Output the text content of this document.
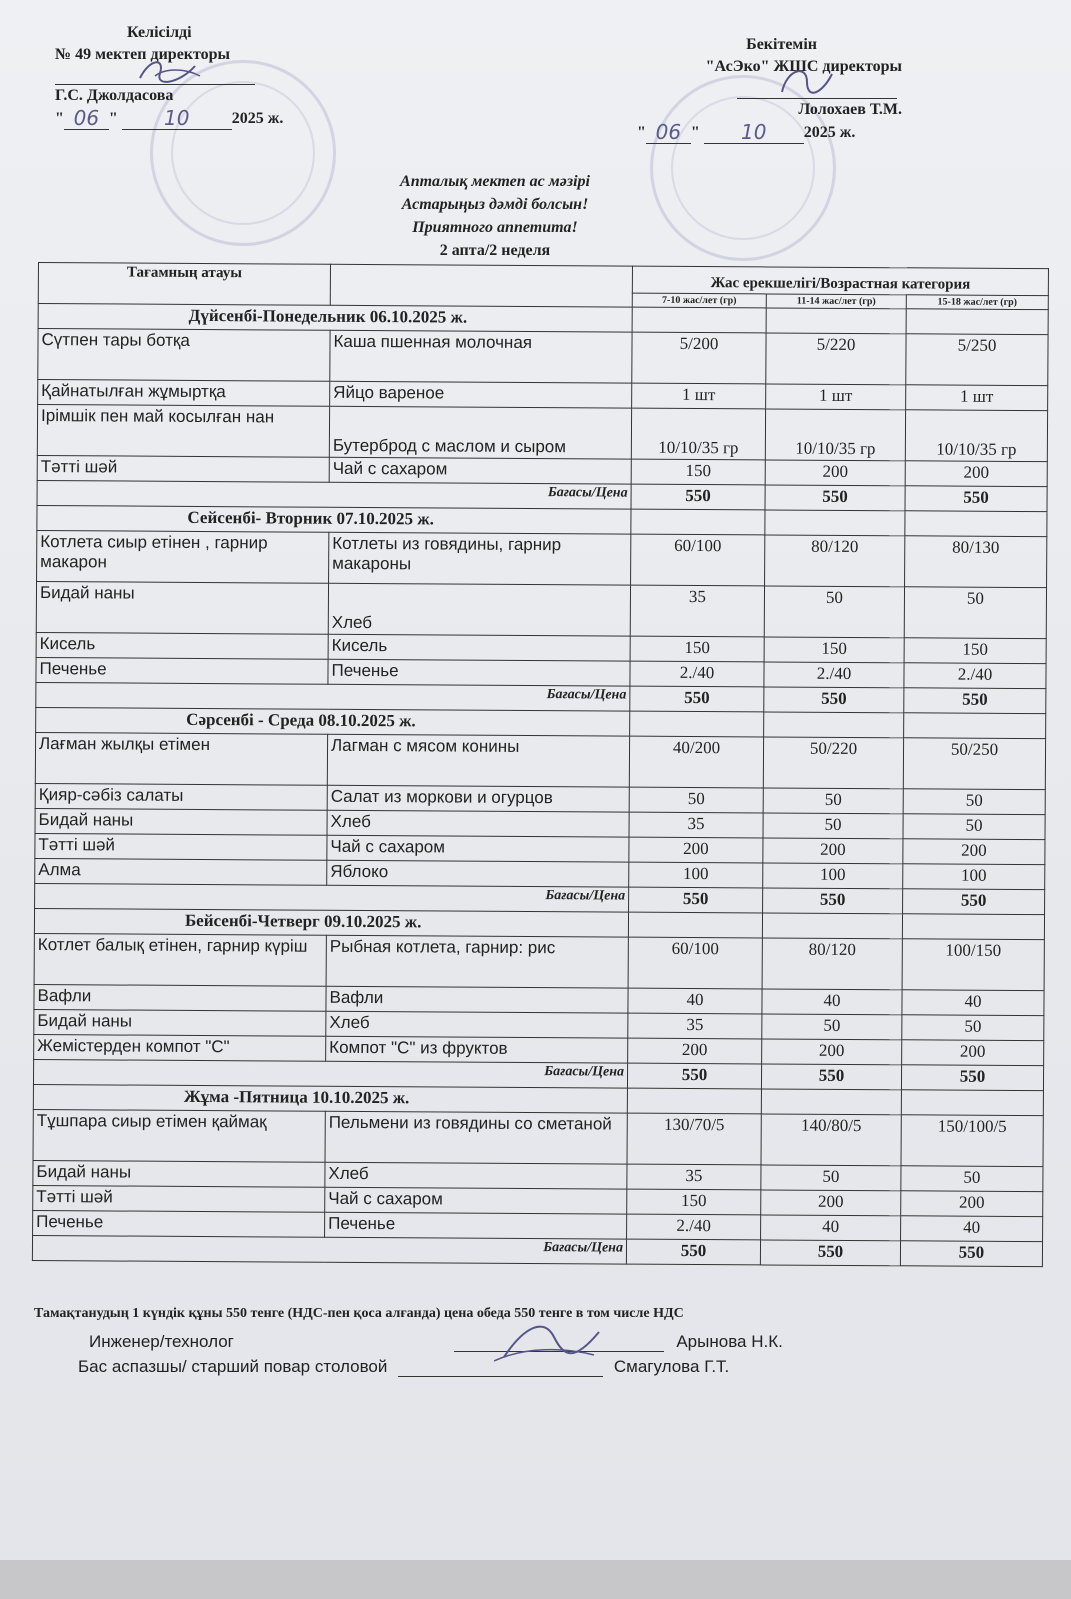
Келісілді
№ 49 мектеп директоры
Г.С. Джолдасова
" 06 " 10	2025 ж.
Бекітемін
"АсЭко" ЖШС директоры
Лолохаев Т.М.
" 06 " 10 2025 ж.
Апталық мектеп ас мәзірі
Астарыңыз дәмді болсын!
Приятного аппетита!
2 апта/2 неделя
Тағамның атауы		Жас ерекшелігі/Возрастная категория		
		7-10 жас/лет (гр)	11-14 жас/лет (гр)	15-18 жас/лет (гр)
Дүйсенбі-Понедельник 06.10.2025 ж.				
Сүтпен тары ботқа	Каша пшенная молочная	5/200	5/220	5/250
Қайнатылған жұмыртқа	Яйцо вареное	1 шт	1 шт	1 шт
Ірімшік пен май косылған нан	Бутерброд с маслом и сыром	10/10/35 гр	10/10/35 гр	10/10/35 гр
Тәтті шәй	Чай с сахаром	150	200	200
Бағасы/Цена		550	550	550
Сейсенбі- Вторник 07.10.2025 ж.				
Котлета сиыр етінен , гарнир макарон	Котлеты из говядины, гарнир макароны	60/100	80/120	80/130
Бидай наны	Хлеб	35	50	50
Кисель	Кисель	150	150	150
Печенье	Печенье	2./40	2./40	2./40
Бағасы/Цена		550	550	550
Сәрсенбі - Среда 08.10.2025 ж.				
Лағман жылқы етімен	Лагман с мясом конины	40/200	50/220	50/250
Қияр-сәбіз салаты	Салат из моркови и огурцов	50	50	50
Бидай наны	Хлеб	35	50	50
Тәтті шәй	Чай с сахаром	200	200	200
Алма	Яблоко	100	100	100
Бағасы/Цена		550	550	550
Бейсенбі-Четверг 09.10.2025 ж.				
Котлет балық етінен, гарнир күріш	Рыбная котлета, гарнир: рис	60/100	80/120	100/150
Вафли	Вафли	40	40	40
Бидай наны	Хлеб	35	50	50
Жемістерден компот "С"	Компот "С" из фруктов	200	200	200
Бағасы/Цена		550	550	550
Жұма -Пятница 10.10.2025 ж.				
Тұшпара сиыр етімен қаймақ	Пельмени из говядины со сметаной	130/70/5	140/80/5	150/100/5
Бидай наны	Хлеб	35	50	50
Тәтті шәй	Чай с сахаром	150	200	200
Печенье	Печенье	2./40	40	40
Бағасы/Цена		550	550	550
Тамақтанудың 1 күндік құны 550 тенге (НДС-пен қоса алғанда) цена обеда 550 тенге в том числе НДС
Инженер/технолог	Арынова Н.К.
Бас аспазшы/ старший повар столовой	Смагулова Г.Т.
